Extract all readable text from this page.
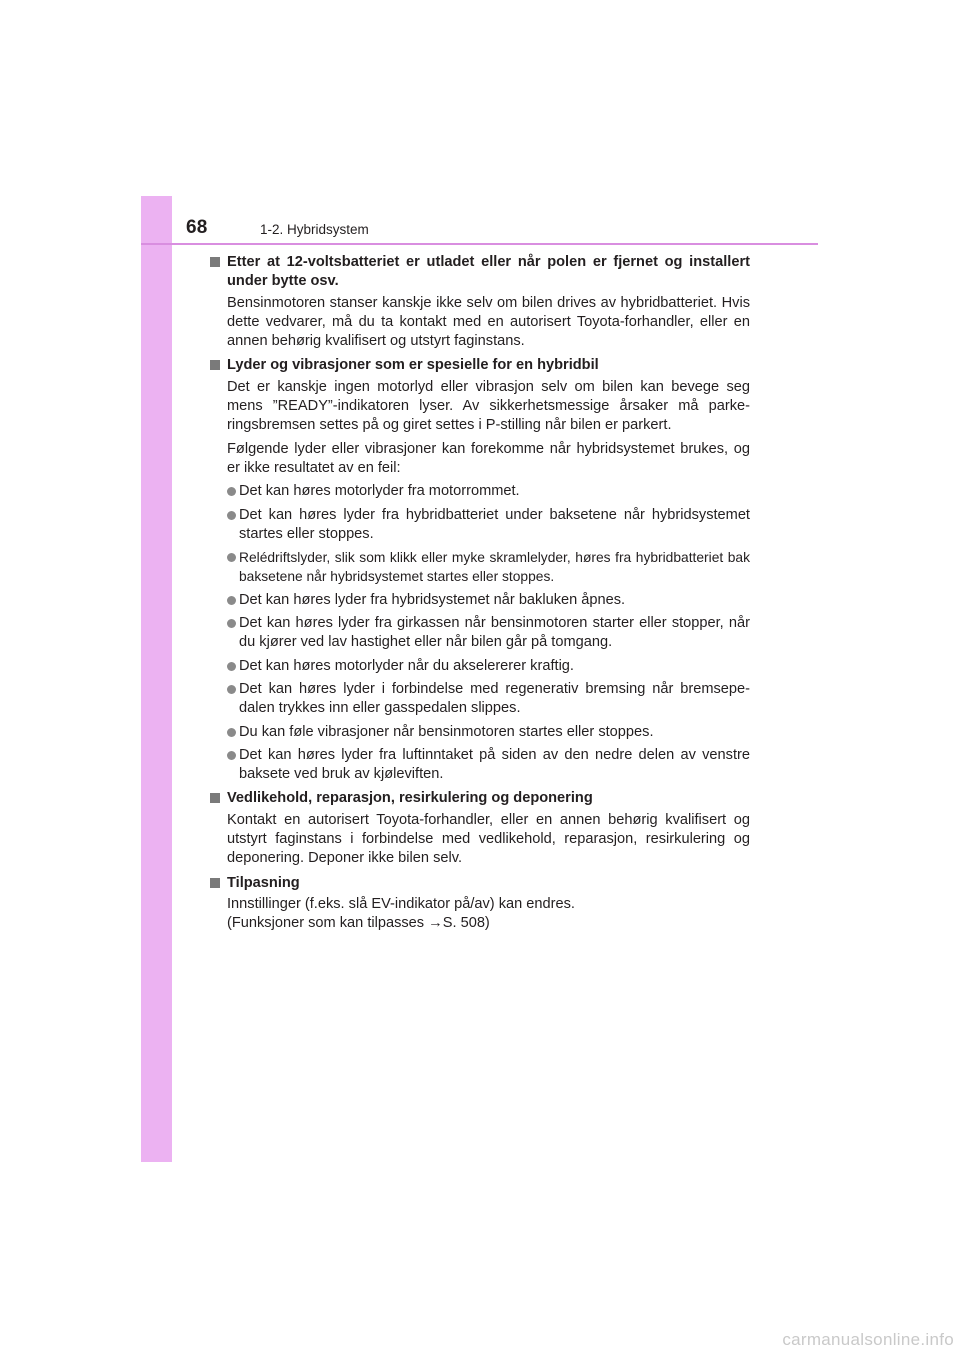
68	1-2. Hybridsystem
Etter at 12-voltsbatteriet er utladet eller når polen er fjernet og installert under bytte osv.
Bensinmotoren stanser kanskje ikke selv om bilen drives av hybridbatteriet. Hvis dette vedvarer, må du ta kontakt med en autorisert Toyota-forhandler, eller en annen behørig kvalifisert og utstyrt faginstans.
Lyder og vibrasjoner som er spesielle for en hybridbil
Det er kanskje ingen motorlyd eller vibrasjon selv om bilen kan bevege seg mens ”READY”-indikatoren lyser. Av sikkerhetsmessige årsaker må parke-ringsbremsen settes på og giret settes i P-stilling når bilen er parkert.
Følgende lyder eller vibrasjoner kan forekomme når hybridsystemet brukes, og er ikke resultatet av en feil:
Det kan høres motorlyder fra motorrommet.
Det kan høres lyder fra hybridbatteriet under baksetene når hybridsystemet startes eller stoppes.
Relédriftslyder, slik som klikk eller myke skramlelyder, høres fra hybridbatteriet bak baksetene når hybridsystemet startes eller stoppes.
Det kan høres lyder fra hybridsystemet når bakluken åpnes.
Det kan høres lyder fra girkassen når bensinmotoren starter eller stopper, når du kjører ved lav hastighet eller når bilen går på tomgang.
Det kan høres motorlyder når du akselererer kraftig.
Det kan høres lyder i forbindelse med regenerativ bremsing når bremsepe-dalen trykkes inn eller gasspedalen slippes.
Du kan føle vibrasjoner når bensinmotoren startes eller stoppes.
Det kan høres lyder fra luftinntaket på siden av den nedre delen av venstre baksete ved bruk av kjøleviften.
Vedlikehold, reparasjon, resirkulering og deponering
Kontakt en autorisert Toyota-forhandler, eller en annen behørig kvalifisert og utstyrt faginstans i forbindelse med vedlikehold, reparasjon, resirkulering og deponering. Deponer ikke bilen selv.
Tilpasning
Innstillinger (f.eks. slå EV-indikator på/av) kan endres.
(Funksjoner som kan tilpasses →S. 508)
carmanualsonline.info
